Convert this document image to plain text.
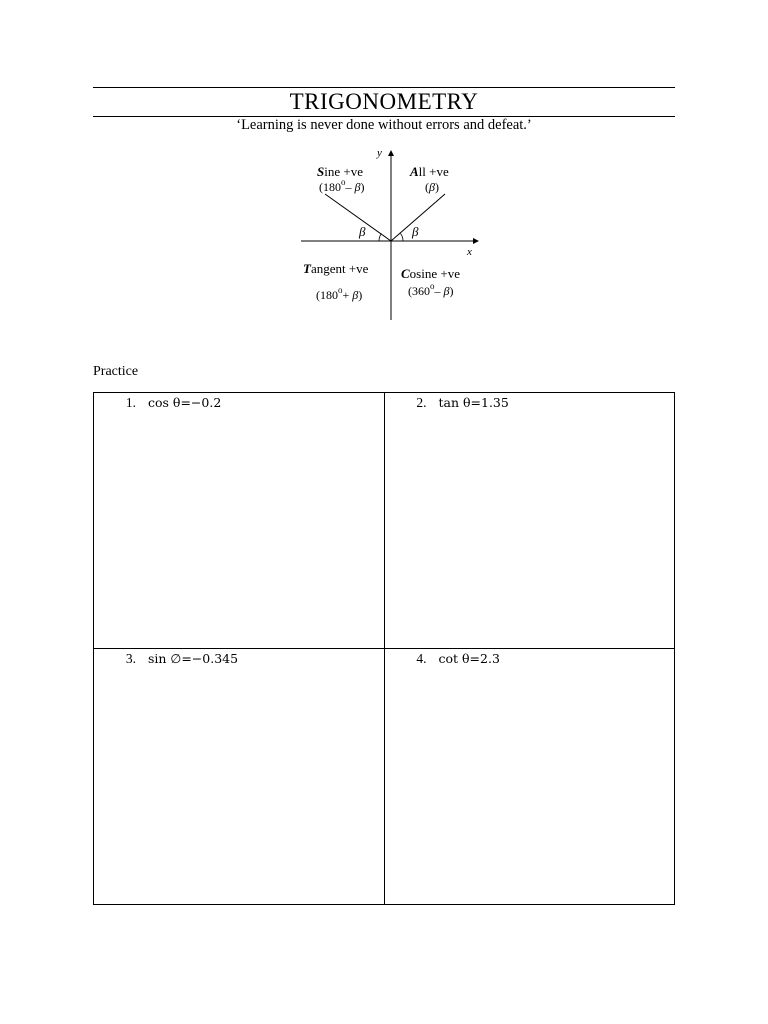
TRIGONOMETRY
‘Learning is never done without errors and defeat.’
y
x
β	β
Sine +ve
(180$^o$– β)
All +ve
(β)
Tangent +ve
$(180^o+ \beta)$
Cosine +ve
(360$^o$– β)
Practice
1. cos θ=−0.2	2. tan θ=1.35

3. sin ∅=−0.345	4. cot θ=2.3
